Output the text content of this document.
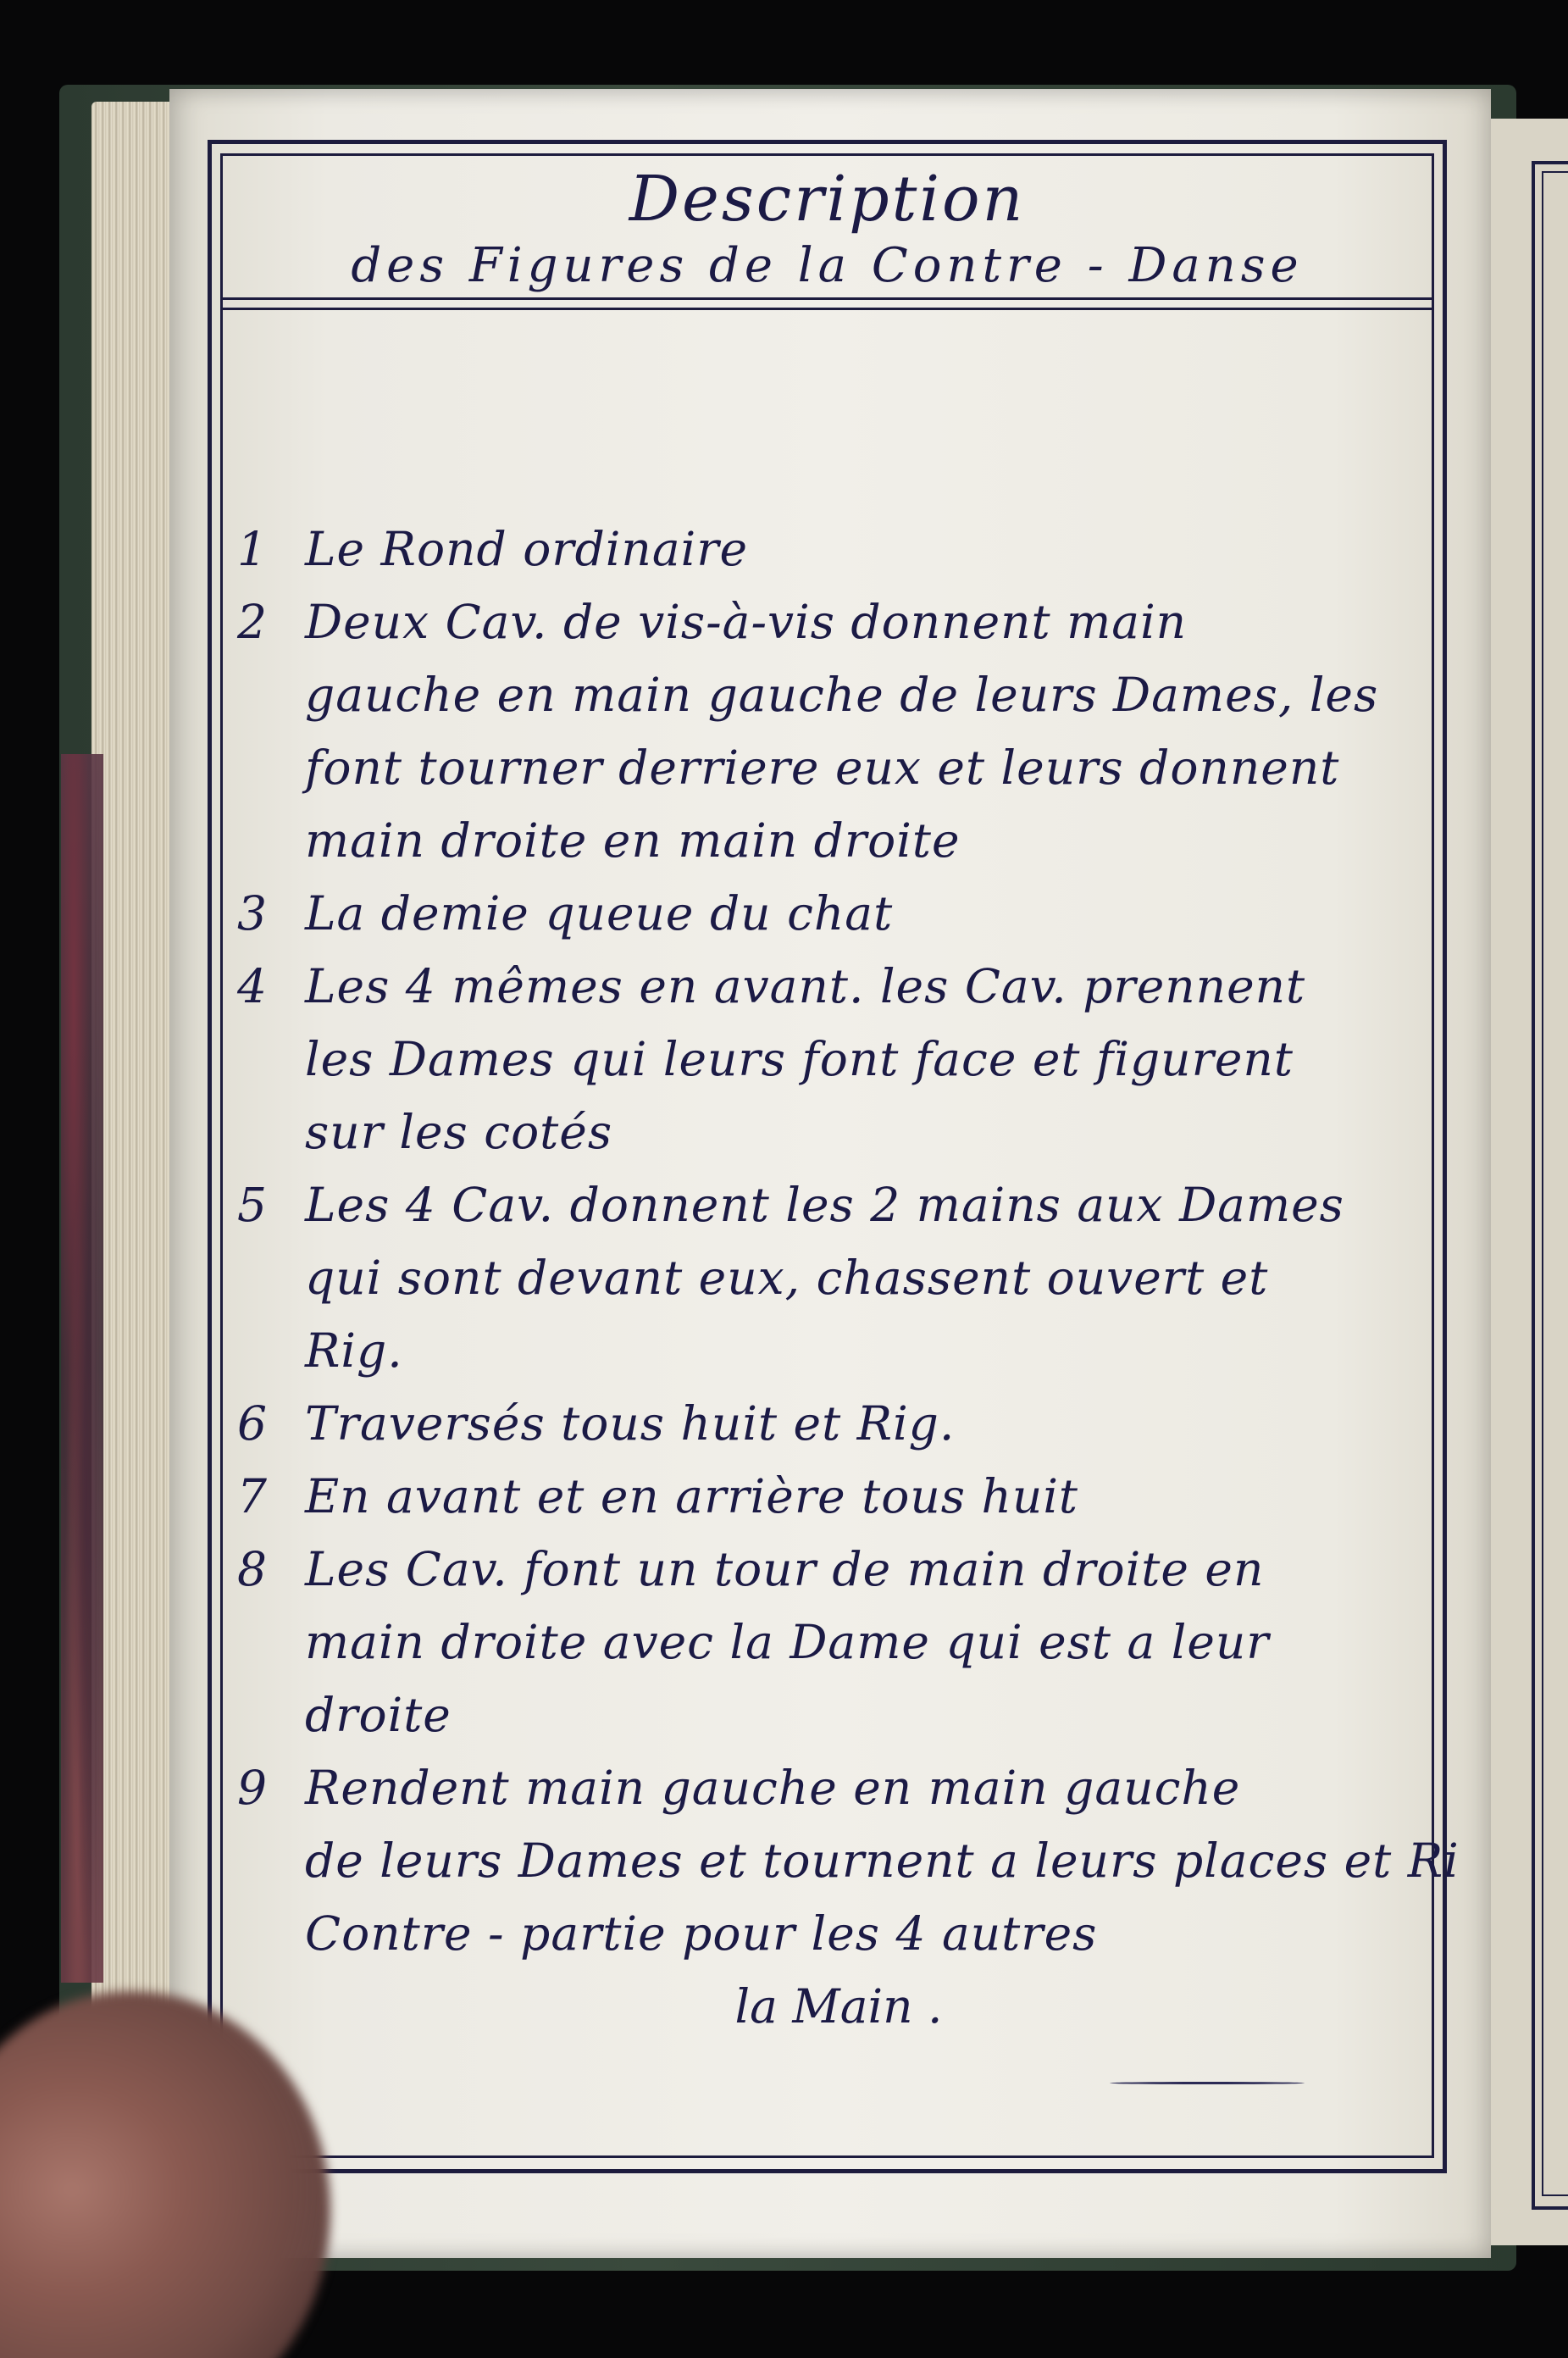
Description
des Figures de la Contre - Danse
1 Le Rond ordinaire
2 Deux Cav. de vis-à-vis donnent main
gauche en main gauche de leurs Dames, les
font tourner derriere eux et leurs donnent
main droite en main droite
3 La demie queue du chat
4 Les 4 mêmes en avant. les Cav. prennent
les Dames qui leurs font face et figurent
sur les cotés
5 Les 4 Cav. donnent les 2 mains aux Dames
qui sont devant eux, chassent ouvert et
Rig.
6 Traversés tous huit et Rig.
7 En avant et en arrière tous huit
8 Les Cav. font un tour de main droite en
main droite avec la Dame qui est a leur
droite
9 Rendent main gauche en main gauche
de leurs Dames et tournent a leurs places et Ri
Contre - partie pour les 4 autres
la Main .
